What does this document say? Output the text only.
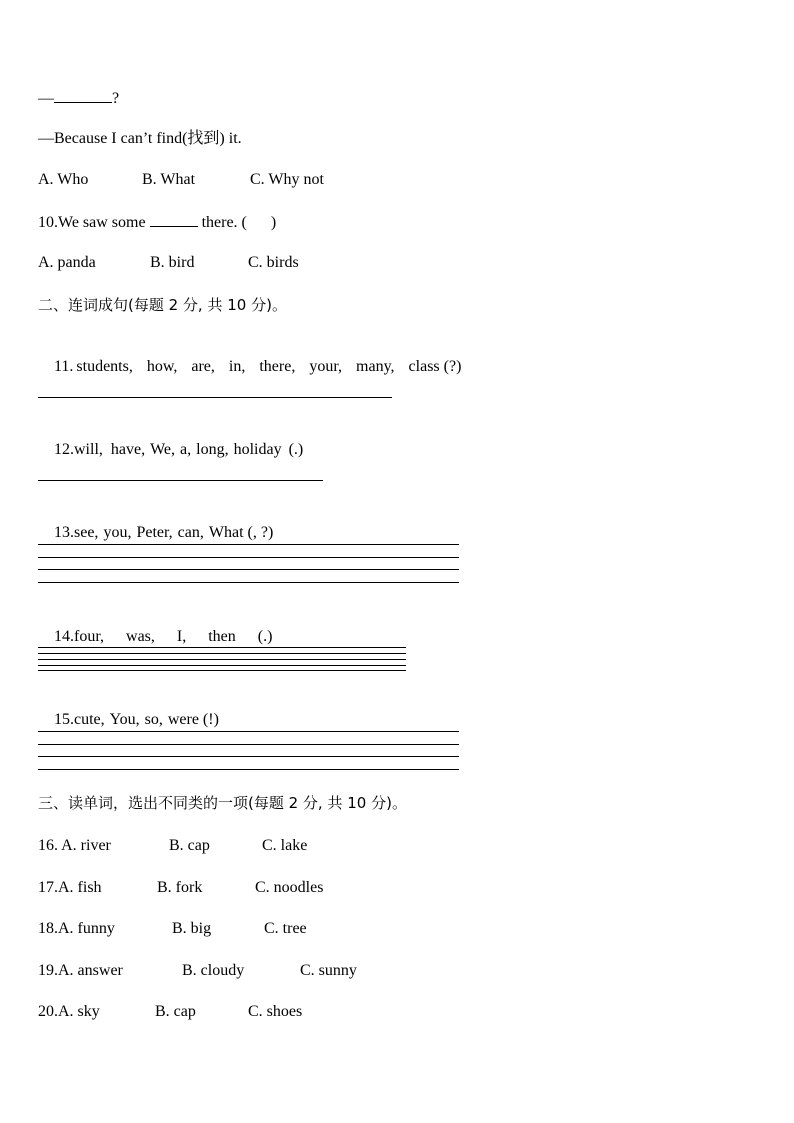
—	?
—Because I can’t find(找到) it.
A. Who	B. What	C. Why not
10.We saw some	there. (      )
A. panda	B. bird	C. birds
二、连词成句(每题 2 分, 共 10 分)。

11. students, how, are, in, there, your, many, class (?)

12.will, have, We, a, long, holiday (.)

13.see, you, Peter, can, What (, ?)

14.four, was, I, then (.)

15.cute, You, so, were (!)

三、读单词，选出不同类的一项(每题 2 分, 共 10 分)。
16. A. river	B. cap	C. lake
17.A. fish	B. fork	C. noodles
18.A. funny	B. big	C. tree
19.A. answer	B. cloudy	C. sunny
20.A. sky	B. cap	C. shoes
